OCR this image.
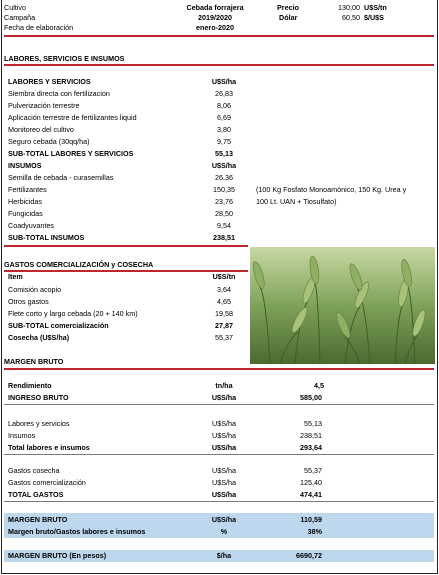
Cultivo	Cebada forrajera
Campaña	2019/2020
Fecha de elaboración	enero-2020
Precio	130,00 U$S/tn
Dólar	60,50 $/U$S
LABORES, SERVICIOS E INSUMOS
LABORES Y SERVICIOS	U$S/ha
Siembra directa con fertilizacion	26,83
Pulverización terrestre	8,06
Aplicación terrestre de fertilizantes liquid	6,69
Monitoreo del cultivo	3,80
Seguro cebada (30qq/ha)	9,75
SUB-TOTAL LABORES Y SERVICIOS	55,13
INSUMOS	U$S/ha
Semilla de cebada - curasemillas	26,36
Fertilizantes	150,35
Herbicidas	23,76
Fungicidas	28,50
Coadyuvantes	9,54
(100 Kg Fosfato Monoamónico, 150 Kg. Urea y
100 Lt. UAN + Tiosulfato)
SUB-TOTAL INSUMOS	238,51
GASTOS COMERCIALIZACIÓN y COSECHA
Item	U$S/tn
Comisión acopio	3,64
Otros gastos	4,65
Flete corto y largo cebada (20 + 140 km)	19,58
SUB-TOTAL comercialización	27,87
Cosecha (U$S/ha)	55,37
MARGEN BRUTO
Rendimiento	tn/ha	4,5
INGRESO BRUTO	U$S/ha	585,00
Labores y servicios	U$S/ha	55,13
Insumos	U$S/ha	238,51
Total labores e insumos	U$S/ha	293,64
Gastos cosecha	U$S/ha	55,37
Gastos comercialización	U$S/ha	125,40
TOTAL GASTOS	U$S/ha	474,41
MARGEN BRUTO	U$S/ha	110,59
Margen bruto/Gastos labores e insumos	%	38%
MARGEN BRUTO (En pesos)	$/ha	6690,72
